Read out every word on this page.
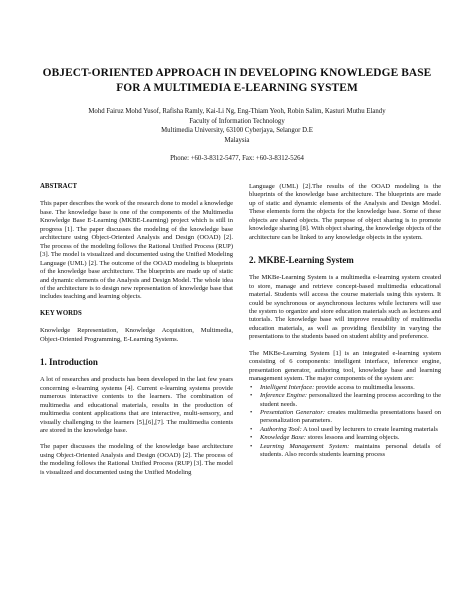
OBJECT-ORIENTED APPROACH IN DEVELOPING KNOWLEDGE BASE
FOR A MULTIMEDIA E-LEARNING SYSTEM
Mohd Fairuz Mohd Yusof, Rafisha Ramly, Kai-Li Ng, Eng-Thiam Yeoh, Robin Salim, Kasturi Muthu Elandy
Faculty of Information Technology
Multimedia University, 63100 Cyberjaya, Selangor D.E
Malaysia
Phone: +60-3-8312-5477, Fax: +60-3-8312-5264

ABSTRACT

This paper describes the work of the research done to model a knowledge base. The knowledge base is one of the components of the Multimedia Knowledge Base E-Learning (MKBE-Learning) project which is still in progress [1]. The paper discusses the modeling of the knowledge base architecture using Object-Oriented Analysis and Design (OOAD) [2]. The process of the modeling follows the Rational Unified Process (RUP) [3]. The model is visualized and documented using the Unified Modeling Language (UML) [2]. The outcome of the OOAD modeling is blueprints of the knowledge base architecture. The blueprints are made up of static and dynamic elements of the Analysis and Design Model. The whole idea of the architecture is to design new representation of knowledge base that includes teaching and learning objects.

KEY WORDS

Knowledge Representation, Knowledge Acquisition, Multimedia, Object-Oriented Programming, E-Learning Systems.

1. Introduction

A lot of researches and products has been developed in the last few years concerning e-learning systems [4]. Current e-learning systems provide numerous interactive contents to the learners. The combination of multimedia and educational materials, results in the production of multimedia content applications that are interactive, multi-sensory, and visually challenging to the learners [5],[6],[7]. The multimedia contents are stored in the knowledge base.

The paper discusses the modeling of the knowledge base architecture using Object-Oriented Analysis and Design (OOAD) [2]. The process of the modeling follows the Rational Unified Process (RUP) [3]. The model is visualized and documented using the Unified Modeling

Language (UML) [2].The results of the OOAD modeling is the blueprints of the knowledge base architecture. The blueprints are made up of static and dynamic elements of the Analysis and Design Model. These elements form the objects for the knowledge base. Some of these objects are shared objects. The purpose of object sharing is to promote knowledge sharing [8]. With object sharing, the knowledge objects of the architecture can be linked to any knowledge objects in the system.

2. MKBE-Learning System

The MKBe-Learning System is a multimedia e-learning system created to store, manage and retrieve concept-based multimedia educational material. Students will access the course materials using this system. It could be synchronous or asynchronous lectures while lecturers will use the system to organize and store education materials such as lectures and tutorials. The knowledge base will improve reusability of multimedia education materials, as well as providing flexibility in varying the presentations to the students based on student ability and preference.

The MKBe-Learning System [1] is an integrated e-learning system consisting of 6 components: intelligent interface, inference engine, presentation generator, authoring tool, knowledge base and learning management system. The major components of the system are:

• Intelligent Interface: provide access to multimedia lessons.

• Inference Engine: personalized the learning process according to the student needs.

• Presentation Generator: creates multimedia presentations based on personalization parameters.

• Authoring Tool: A tool used by lecturers to create learning materials

• Knowledge Base: stores lessons and learning objects.

• Learning Management System: maintains personal details of students. Also records students learning process
